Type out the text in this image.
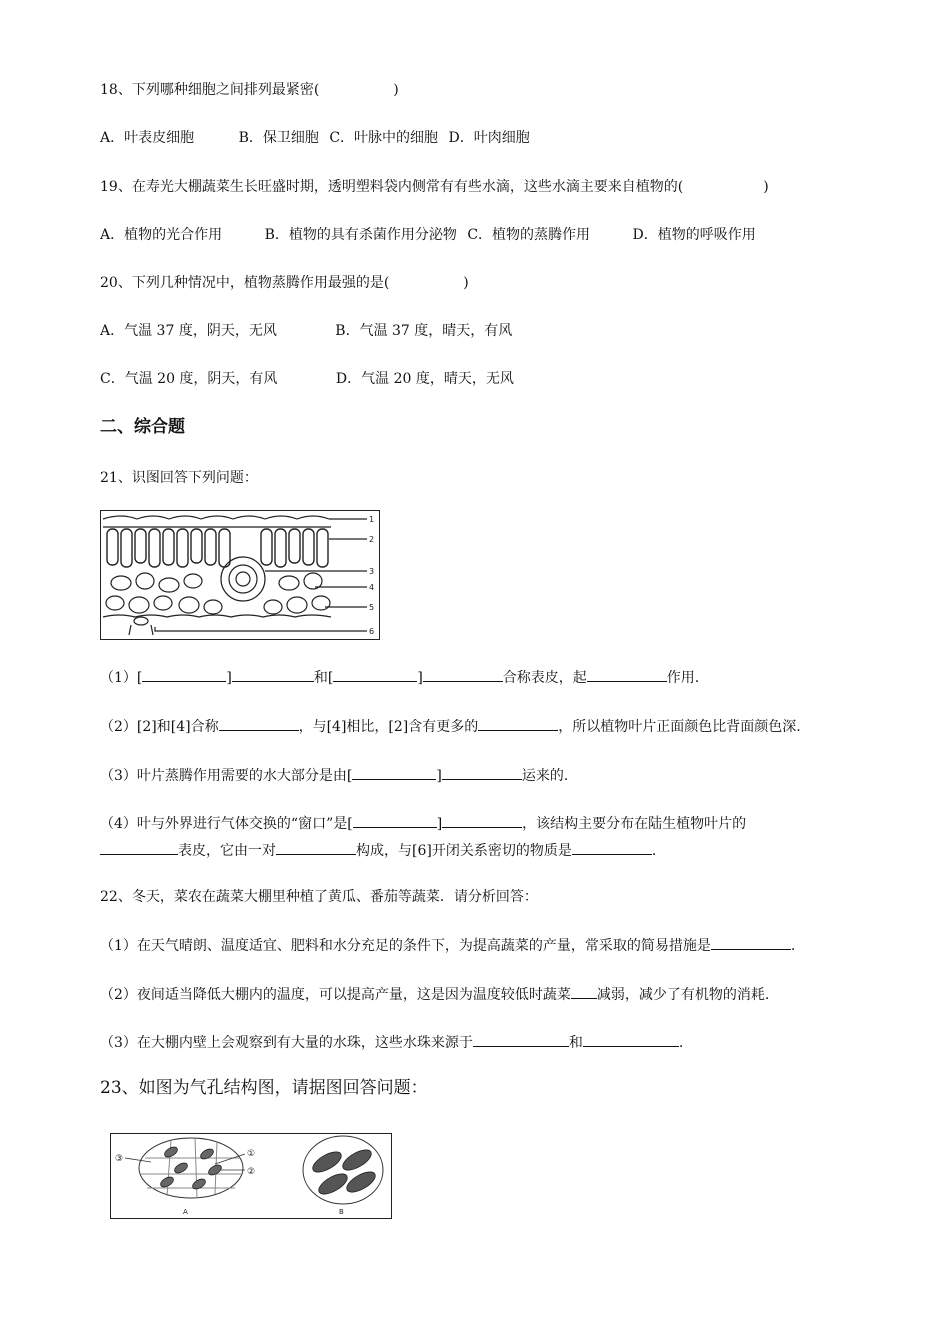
18、下列哪种细胞之间排列最紧密(	)
A．叶表皮细胞	B．保卫细胞 C．叶脉中的细胞 D．叶肉细胞
19、在寿光大棚蔬菜生长旺盛时期，透明塑料袋内侧常有有些水滴，这些水滴主要来自植物的(	)
A．植物的光合作用	B．植物的具有杀菌作用分泌物 C．植物的蒸腾作用	D．植物的呼吸作用
20、下列几种情况中，植物蒸腾作用最强的是(	)
A．气温 37 度，阴天，无风	B．气温 37 度，晴天，有风
C．气温 20 度，阴天，有风	D．气温 20 度，晴天，无风
二、综合题
21、识图回答下列问题：
1
2
3
4
5
6
（1）[	]	和[	]	合称表皮，起	作用.
（2）[2]和[4]合称	，与[4]相比，[2]含有更多的	，所以植物叶片正面颜色比背面颜色深.
（3）叶片蒸腾作用需要的水大部分是由[	]	运来的.
（4）叶与外界进行气体交换的“窗口”是[	]	，该结构主要分布在陆生植物叶片的
表皮，它由一对	构成，与[6]开闭关系密切的物质是	.
22、冬天，菜农在蔬菜大棚里种植了黄瓜、番茄等蔬菜．请分析回答：
（1）在天气晴朗、温度适宜、肥料和水分充足的条件下，为提高蔬菜的产量，常采取的简易措施是	.
（2）夜间适当降低大棚内的温度，可以提高产量，这是因为温度较低时蔬菜 减弱，减少了有机物的消耗.
（3）在大棚内壁上会观察到有大量的水珠，这些水珠来源于	和	.
23、如图为气孔结构图，请据图回答问题：
③	①
②
A	B
